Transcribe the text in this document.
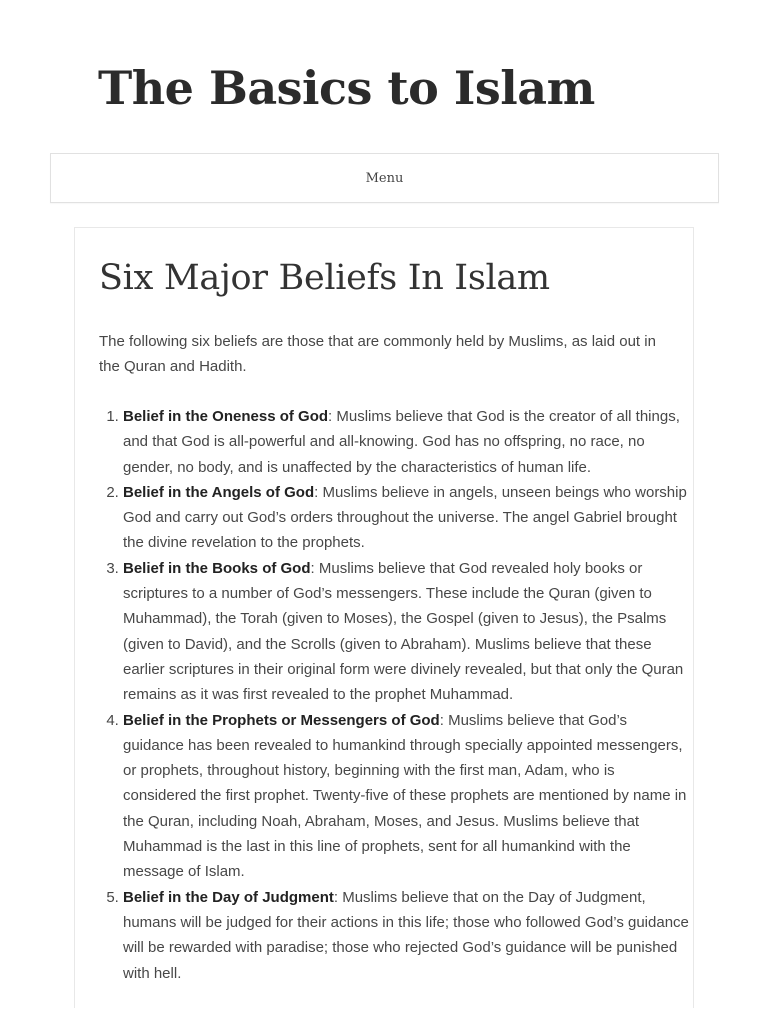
The Basics to Islam
Menu
Six Major Beliefs In Islam

The following six beliefs are those that are commonly held by Muslims, as laid out in the Quran and Hadith.

1. Belief in the Oneness of God: Muslims believe that God is the creator of all things, and that God is all-powerful and all-knowing. God has no offspring, no race, no gender, no body, and is unaffected by the characteristics of human life.
2. Belief in the Angels of God: Muslims believe in angels, unseen beings who worship God and carry out God’s orders throughout the universe. The angel Gabriel brought the divine revelation to the prophets.
3. Belief in the Books of God: Muslims believe that God revealed holy books or scriptures to a number of God’s messengers. These include the Quran (given to Muhammad), the Torah (given to Moses), the Gospel (given to Jesus), the Psalms (given to David), and the Scrolls (given to Abraham). Muslims believe that these earlier scriptures in their original form were divinely revealed, but that only the Quran remains as it was first revealed to the prophet Muhammad.
4. Belief in the Prophets or Messengers of God: Muslims believe that God’s guidance has been revealed to humankind through specially appointed messengers, or prophets, throughout history, beginning with the first man, Adam, who is considered the first prophet. Twenty-five of these prophets are mentioned by name in the Quran, including Noah, Abraham, Moses, and Jesus. Muslims believe that Muhammad is the last in this line of prophets, sent for all humankind with the message of Islam.
5. Belief in the Day of Judgment: Muslims believe that on the Day of Judgment, humans will be judged for their actions in this life; those who followed God’s guidance will be rewarded with paradise; those who rejected God’s guidance will be punished with hell.
